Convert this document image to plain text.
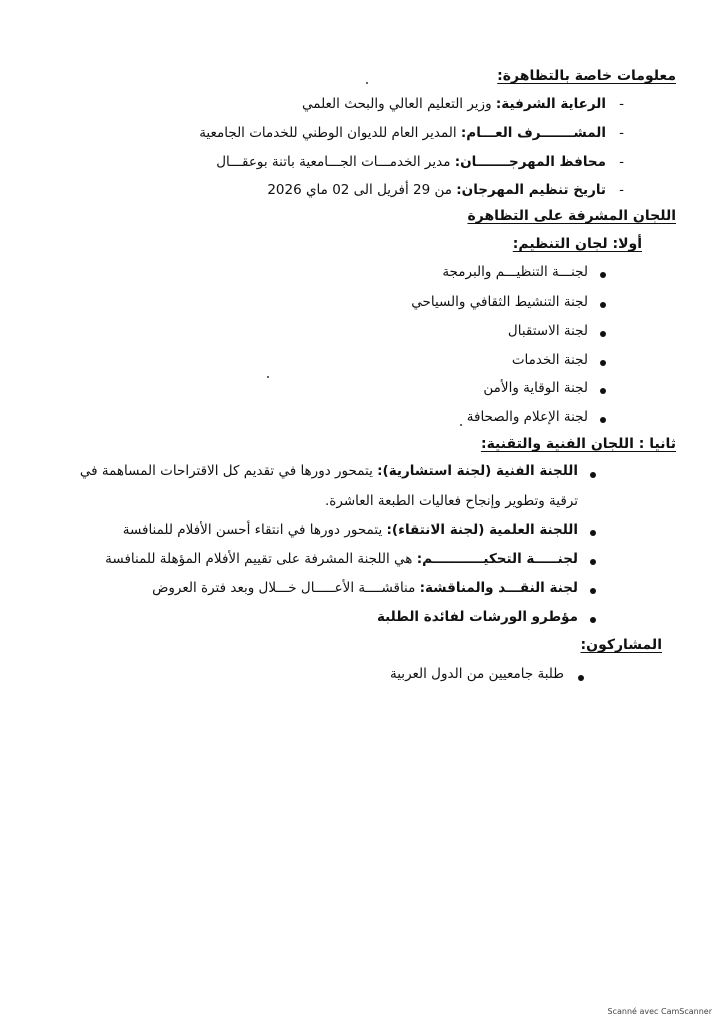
معلومات خاصة بالتظاهرة:
الرعاية الشرفية: وزير التعليم العالي والبحث العلمي
المشـــــــرف العـــام: المدير العام للديوان الوطني للخدمات الجامعية
محافظ المهرجـــــــان: مدير الخدمـــات الجـــامعية باتنة بوعقـــال
تاريخ تنظيم المهرجان: من 29 أفريل الى 02 ماي 2026
-
-
-
-
اللجان المشرفة على التظاهرة
أولا: لجان التنظيم:
لجنـــة التنظيـــم والبرمجة
لجنة التنشيط الثقافي والسياحي
لجنة الاستقبال
لجنة الخدمات
لجنة الوقاية والأمن
لجنة الإعلام والصحافة
ثانيا : اللجان الفنية والتقنية:
اللجنة الفنية (لجنة استشارية): يتمحور دورها في تقديم كل الاقتراحات المساهمة في ترقية وتطوير وإنجاح فعاليات الطبعة العاشرة.
اللجنة العلمية (لجنة الانتقاء): يتمحور دورها في انتقاء أحسن الأفلام للمنافسة
لجنـــــة التحكيـــــــــــم: هي اللجنة المشرفة على تقييم الأفلام المؤهلة للمنافسة
لجنة النقـــد والمناقشة: مناقشــــة الأعـــــال خـــلال وبعد فترة العروض
مؤطرو الورشات لفائدة الطلبة
المشاركون:
طلبة جامعيين من الدول العربية
Scanné avec CamScanner
